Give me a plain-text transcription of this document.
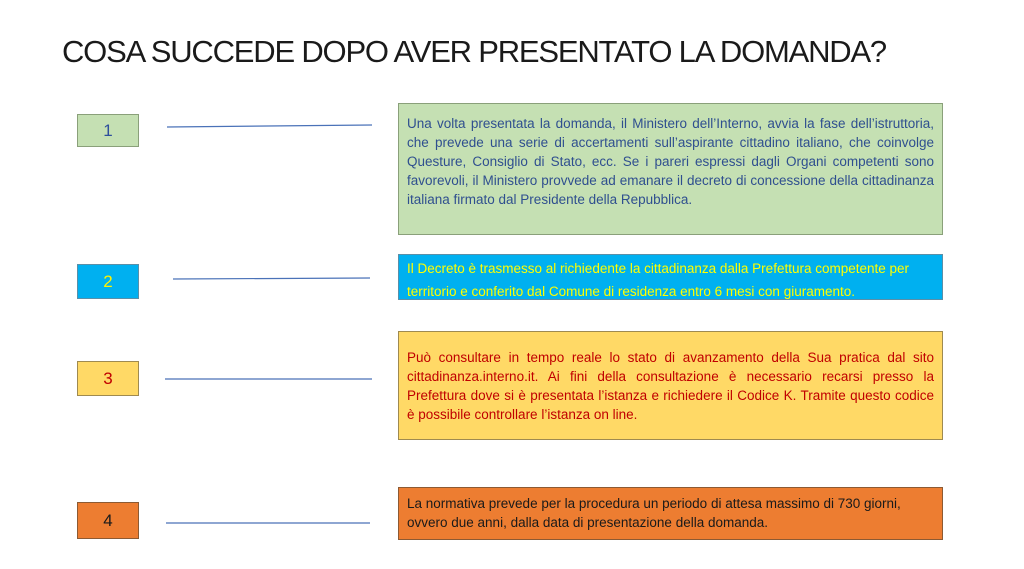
COSA SUCCEDE DOPO AVER PRESENTATO LA DOMANDA?
1	Una volta presentata la domanda, il Ministero dell’Interno, avvia la fase dell’istruttoria, che prevede una serie di accertamenti sull’aspirante cittadino italiano, che coinvolge Questure, Consiglio di Stato, ecc. Se i pareri espressi dagli Organi competenti sono favorevoli, il Ministero provvede ad emanare il decreto di concessione della cittadinanza italiana firmato dal Presidente della Repubblica.

2

Il Decreto è trasmesso al richiedente la cittadinanza dalla Prefettura competente per territorio e conferito dal Comune di residenza entro 6 mesi con giuramento.

3

Può consultare in tempo reale lo stato di avanzamento della Sua pratica dal sito cittadinanza.interno.it. Ai fini della consultazione è necessario recarsi presso la Prefettura dove si è presentata l’istanza e richiedere il Codice K. Tramite questo codice è possibile controllare l’istanza on line.

4

La normativa prevede per la procedura un periodo di attesa massimo di 730 giorni, ovvero due anni, dalla data di presentazione della domanda.
